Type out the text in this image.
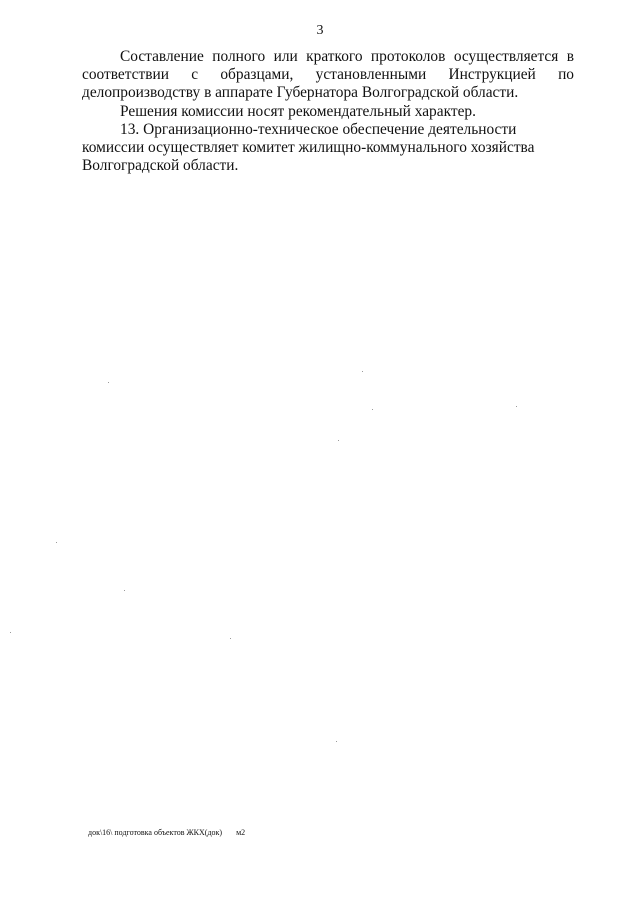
3

Составление полного или краткого протоколов осуществляется в соответствии с образцами, установленными Инструкцией по делопроизводству в аппарате Губернатора Волгоградской области.

Решения комиссии носят рекомендательный характер.

13. Организационно-техническое обеспечение деятельности комиссии осуществляет комитет жилищно-коммунального хозяйства Волгоградской области.

док\16\ подготовка объектов ЖКХ(док) м2
